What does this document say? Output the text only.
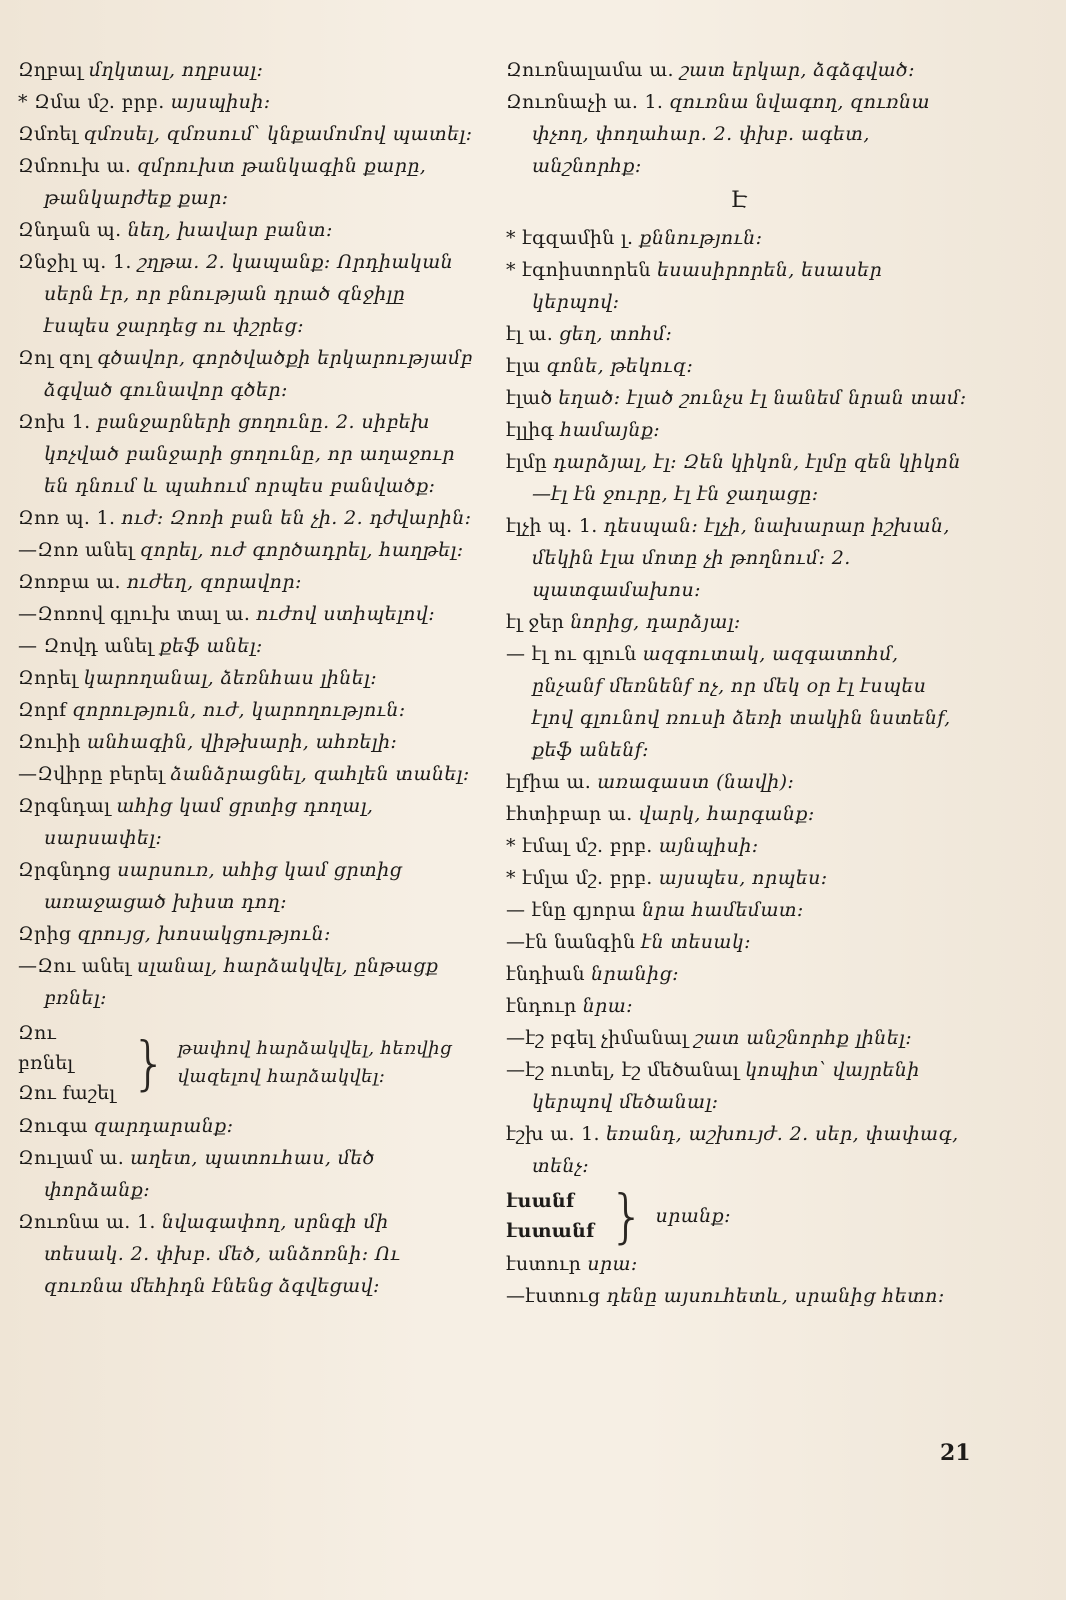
Զղբալ մղկտալ, ողբսալ։

* Զմա մշ. բրբ. այսպիսի։

Զմռել զմռսել, զմռսում՝ կնքամոմով պատել։

Զմռուխ ա. զմրուխտ թանկագին քարը, թանկարժեք քար։

Զնդան պ. նեղ, խավար բանտ։

Զնջիլ պ. 1. շղթա. 2. կապանք։ Որդիական սերն էր, որ բնության դրած զնջիլը էսպես ջարդեց ու փշրեց։

Զոլ զոլ գծավոր, գործվածքի երկարությամբ ձգված գունավոր գծեր։

Զոխ 1. բանջարների ցողունը. 2. սիբեխ կոչված բանջարի ցողունը, որ աղաջուր են դնում և պահում որպես բանվածք։

Զոռ պ. 1. ուժ։ Զոռի բան են չի. 2. դժվարին։

—Զոռ անել զորել, ուժ գործադրել, հաղթել։

Զոռբա ա. ուժեղ, զորավոր։

—Զոռով գլուխ տալ ա. ուժով ստիպելով։

— Զովդ անել քեֆ անել։

Զորել կարողանալ, ձեռնհաս լինել։

Զորf զորություն, ուժ, կարողություն։

Զուիի անհագին, վիթխարի, ահռելի։

—Զվիրը բերել ձանձրացնել, զահլեն տանել։

Զրգնդալ ահից կամ ցրտից դողալ, սարսափել։

Զրգնդոց սարսուռ, ահից կամ ցրտից առաջացած խիստ դող։

Զրից զրույց, խոսակցություն։

—Զու անել սլանալ, հարձակվել, ընթացք բռնել։

Զու բռնել
Զու fաշել } թափով հարձակվել, հեռվից վազելով հարձակվել։

Զուգա զարդարանք։

Զուլամ ա. աղետ, պատուհաս, մեծ փորձանք։

Զուռնա ա. 1. նվագափող, սրնգի մի տեսակ. 2. փխբ. մեծ, անձոռնի։ Ու զուռնա մեհիդն էնենց ձգվեցավ։

Զուռնալամա ա. շատ երկար, ձգձգված։

Զուռնաչի ա. 1. զուռնա նվագող, զուռնա փչող, փողահար. 2. փխբ. ագետ, անշնորհք։

Է

* էգզամին լ. քննություն։

* էգոիստորեն եսասիրորեն, եսասեր կերպով։

էլ ա. ցեղ, տոհմ։

էլա գոնե, թեկուզ։

էլած եղած։ էլած շունչս էլ նանեմ նրան տամ։

էլլիգ համայնք։

էլմը դարձյալ, էլ։ Զեն կիկոն, էլմը զեն կիկոն—էլ էն ջուրը, էլ էն ջաղացը։

էլչի պ. 1. դեսպան։ էլչի, նախարար իշխան, մեկին էլա մոտը չի թողնում։ 2. պատգամախոս։

էլ ջեր նորից, դարձյալ։

— էլ ու գլուն ազգուտակ, ազգատոհմ, ընչանf մեռնենf ոչ, որ մեկ օր էլ էսպես էլով գլունով ռուսի ձեռի տակին նստենf, քեֆ անենf։

էլfիա ա. առագաստ (նավի)։

էհտիբար ա. վարկ, հարգանք։

* էմալ մշ. բրբ. այնպիսի։

* էմլա մշ. բրբ. այսպես, որպես։

— էնը գյորա նրա համեմատ։

—էն նանգին էն տեսակ։

էնդիան նրանից։

էնդուր նրա։

—էշ բգել չիմանալ շատ անշնորհք լինել։

—էշ ուտել, էշ մեծանալ կոպիտ՝ վայրենի կերպով մեծանալ։

էշխ ա. 1. եռանդ, աշխույժ. 2. սեր, փափագ, տենչ։

էսանf
էստանf } սրանք։

էստուր սրա։

—էստուց դենը այսուհետև, սրանից հետո։

21
